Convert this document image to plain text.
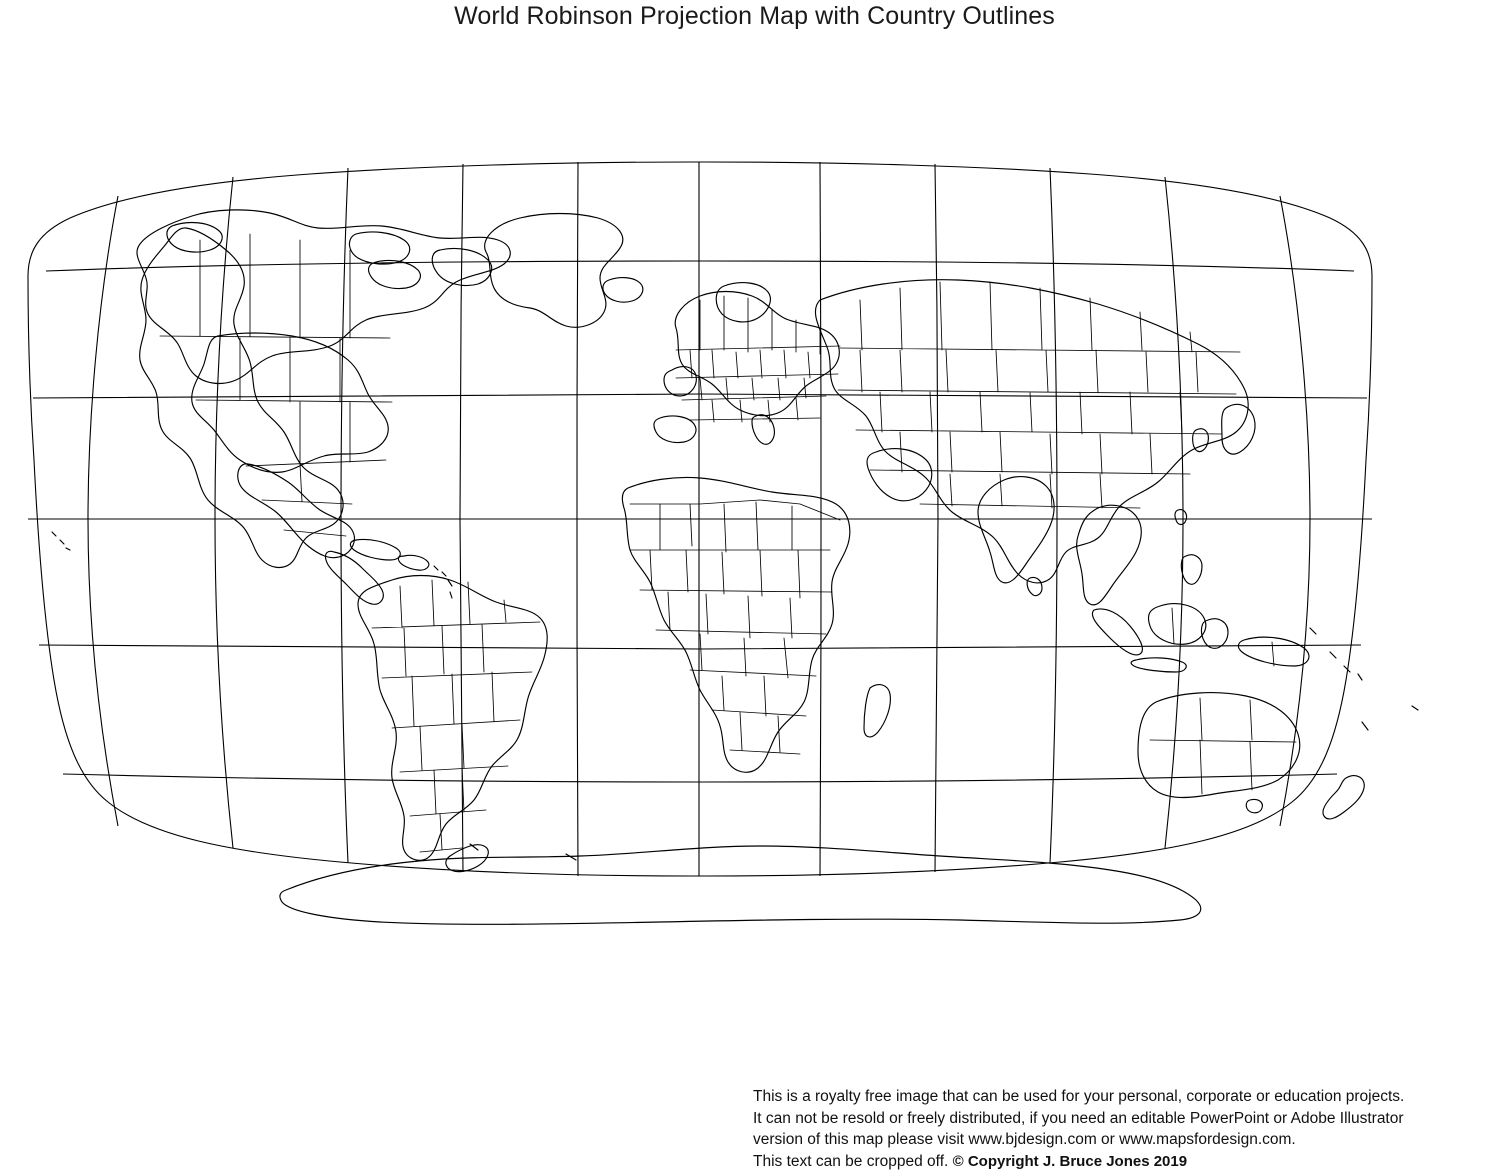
World Robinson Projection Map with Country Outlines
This is a royalty free image that can be used for your personal, corporate or education projects.
It can not be resold or freely distributed, if you need an editable PowerPoint or Adobe Illustrator
version of this map please visit www.bjdesign.com or www.mapsfordesign.com.
This text can be cropped off. © Copyright J. Bruce Jones 2019
